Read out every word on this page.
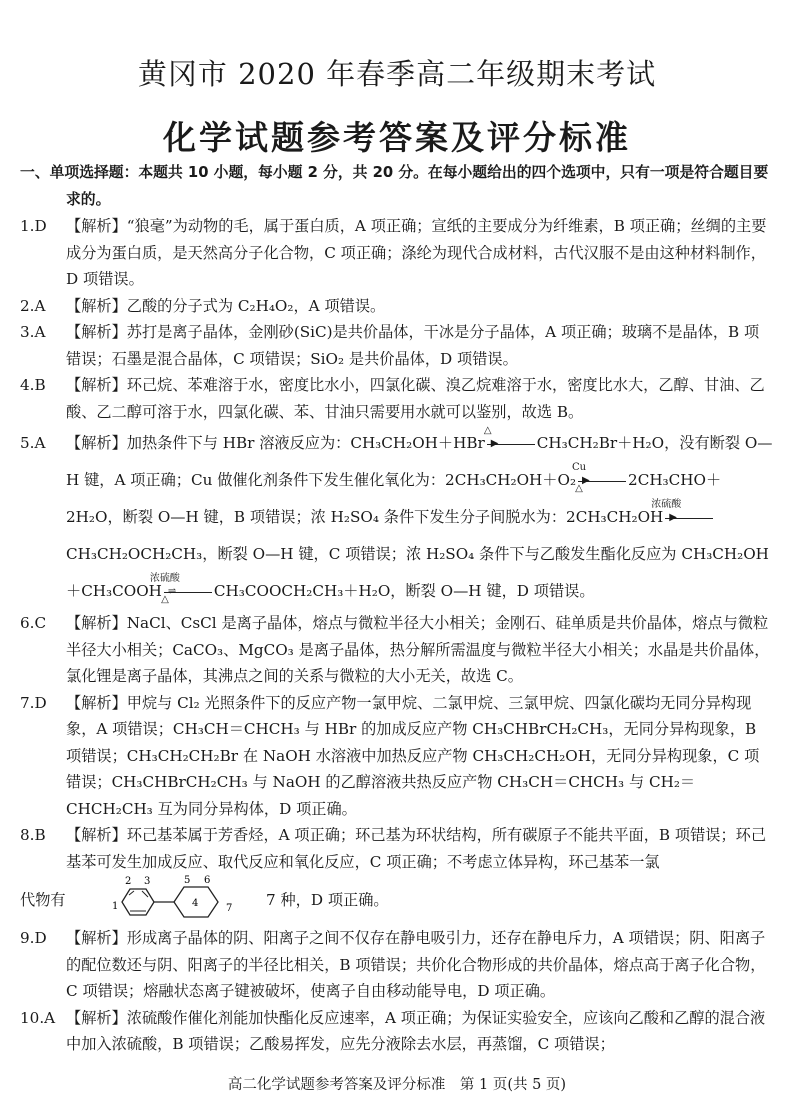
黄冈市 2020 年春季高二年级期末考试
化学试题参考答案及评分标准
一、单项选择题：本题共 10 小题，每小题 2 分，共 20 分。在每小题给出的四个选项中，只有一项是符合题目要求的。

1.D 【解析】“狼毫”为动物的毛，属于蛋白质，A 项正确；宣纸的主要成分为纤维素，B 项正确；丝绸的主要成分为蛋白质，是天然高分子化合物，C 项正确；涤纶为现代合成材料，古代汉服不是由这种材料制作，D 项错误。

2.A 【解析】乙酸的分子式为 C₂H₄O₂，A 项错误。

3.A 【解析】苏打是离子晶体，金刚砂(SiC)是共价晶体，干冰是分子晶体，A 项正确；玻璃不是晶体，B 项错误；石墨是混合晶体，C 项错误；SiO₂ 是共价晶体，D 项错误。

4.B 【解析】环己烷、苯难溶于水，密度比水小，四氯化碳、溴乙烷难溶于水，密度比水大，乙醇、甘油、乙酸、乙二醇可溶于水，四氯化碳、苯、甘油只需要用水就可以鉴别，故选 B。

5.A 【解析】加热条件下与 HBr 溶液反应为：CH₃CH₂OH＋HBr ▶
△
CH₃CH₂Br＋H₂O，没有断裂 O—H 键，A 项正确；Cu 做催化剂条件下发生催化氧化为：2CH₃CH₂OH＋O₂ ▶
Cu
△	2CH₃CHO＋2H₂O，断裂 O—H 键，B 项错误；浓 H₂SO₄ 条件下发生分子间脱水为：2CH₃CH₂OH ▶
浓硫酸
CH₃CH₂OCH₂CH₃，断裂 O—H 键，C 项错误；浓 H₂SO₄ 条件下与乙酸发生酯化反应为 CH₃CH₂OH＋CH₃COOH ⇌
浓硫酸
△	CH₃COOCH₂CH₃＋H₂O，断裂 O—H 键，D 项错误。

6.C 【解析】NaCl、CsCl 是离子晶体，熔点与微粒半径大小相关；金刚石、硅单质是共价晶体，熔点与微粒半径大小相关；CaCO₃、MgCO₃ 是离子晶体，热分解所需温度与微粒半径大小相关；水晶是共价晶体，氯化锂是离子晶体，其沸点之间的关系与微粒的大小无关，故选 C。

7.D 【解析】甲烷与 Cl₂ 光照条件下的反应产物一氯甲烷、二氯甲烷、三氯甲烷、四氯化碳均无同分异构现象，A 项错误；CH₃CH＝CHCH₃ 与 HBr 的加成反应产物 CH₃CHBrCH₂CH₃，无同分异构现象，B 项错误；CH₃CH₂CH₂Br 在 NaOH 水溶液中加热反应产物 CH₃CH₂CH₂OH，无同分异构现象，C 项错误；CH₃CHBrCH₂CH₃ 与 NaOH 的乙醇溶液共热反应产物 CH₃CH＝CHCH₃ 与 CH₂＝CHCH₂CH₃ 互为同分异构体，D 项正确。

8.B 【解析】环己基苯属于芳香烃，A 项正确；环己基为环状结构，所有碳原子不能共平面，B 项错误；环己基苯可发生加成反应、取代反应和氧化反应，C 项正确；不考虑立体异构，环己基苯一氯

代物有	1
2 3
4
5 6
7 7 种，D 项正确。

9.D 【解析】形成离子晶体的阴、阳离子之间不仅存在静电吸引力，还存在静电斥力，A 项错误；阴、阳离子的配位数还与阴、阳离子的半径比相关，B 项错误；共价化合物形成的共价晶体，熔点高于离子化合物，C 项错误；熔融状态离子键被破坏，使离子自由移动能导电，D 项正确。

10.A 【解析】浓硫酸作催化剂能加快酯化反应速率，A 项正确；为保证实验安全，应该向乙酸和乙醇的混合液中加入浓硫酸，B 项错误；乙酸易挥发，应先分液除去水层，再蒸馏，C 项错误；

高二化学试题参考答案及评分标准　第 1 页(共 5 页)
